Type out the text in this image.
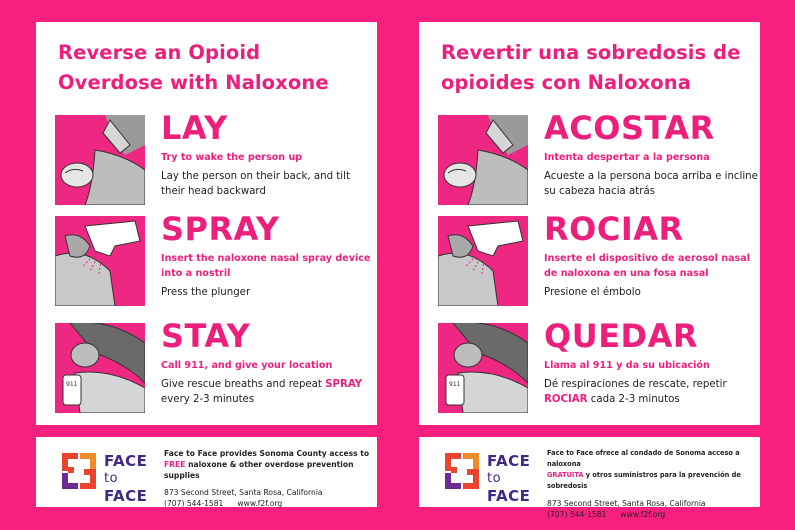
Reverse an Opioid Overdose with Naloxone
LAY
Try to wake the person up
Lay the person on their back, and tilt their head backward
SPRAY
Insert the naloxone nasal spray device into a nostril
Press the plunger
911
STAY
Call 911, and give your location
Give rescue breaths and repeat SPRAY every 2-3 minutes
Revertir una sobredosis de opioides con Naloxona
ACOSTAR
Intenta despertar a la persona
Acueste a la persona boca arriba e incline su cabeza hacia atrás
ROCIAR
Inserte el dispositivo de aerosol nasal de naloxona en una fosa nasal
Presione el émbolo
911
QUEDAR
Llama al 911 y da su ubicación
Dé respiraciones de rescate, repetir ROCIAR cada 2-3 minutos
FACE
to
FACE
Face to Face provides Sonoma County access to
FREE naloxone & other overdose prevention supplies
873 Second Street, Santa Rosa, California
(707) 544-1581 www.f2f.org
FACE
to
FACE
Face to Face ofrece al condado de Sonoma acceso a naloxona
GRATUITA y otros suministros para la prevención de sobredosis
873 Second Street, Santa Rosa, California
(707) 544-1581 www.f2f.org
